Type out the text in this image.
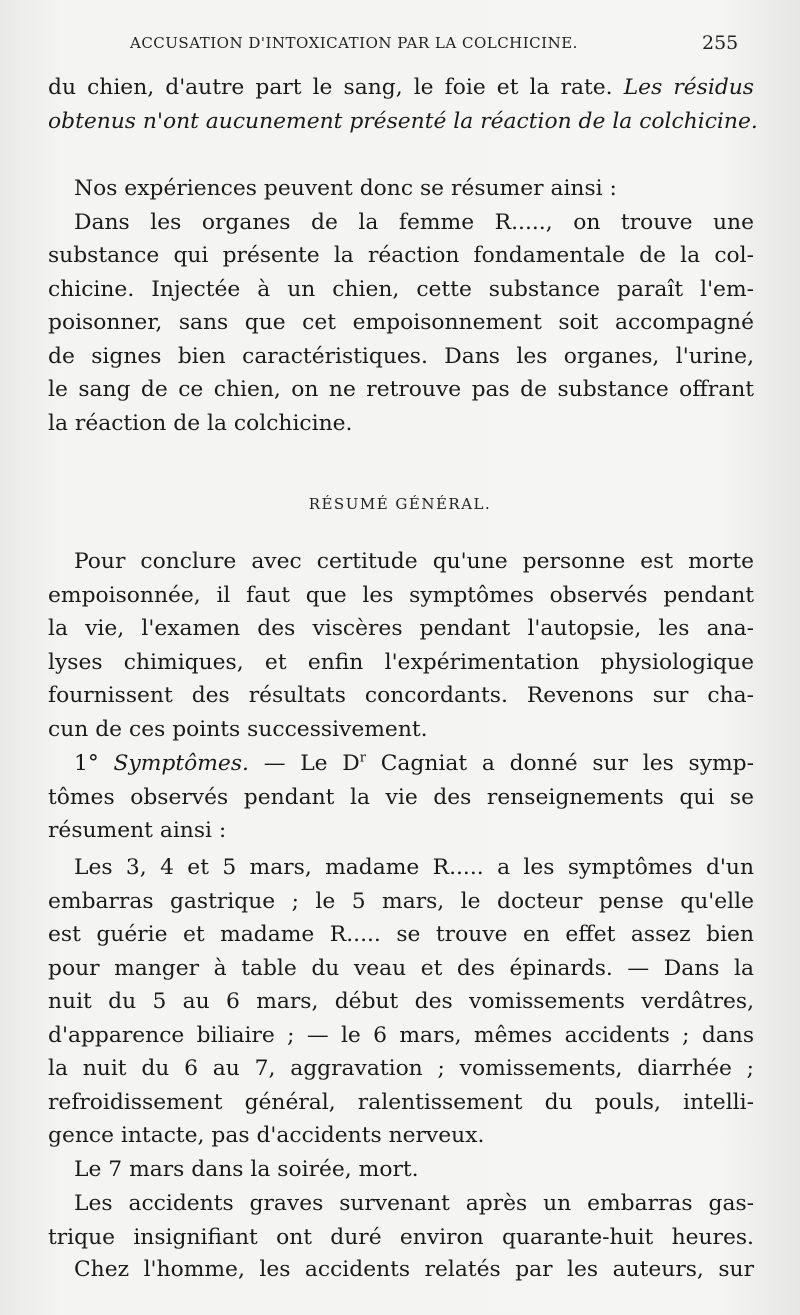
ACCUSATION D'INTOXICATION PAR LA COLCHICINE.	255
du chien, d'autre part le sang, le foie et la rate. Les résidus
obtenus n'ont aucunement présenté la réaction de la colchicine.
Nos expériences peuvent donc se résumer ainsi :
Dans les organes de la femme R....., on trouve une
substance qui présente la réaction fondamentale de la col-
chicine. Injectée à un chien, cette substance paraît l'em-
poisonner, sans que cet empoisonnement soit accompagné
de signes bien caractéristiques. Dans les organes, l'urine,
le sang de ce chien, on ne retrouve pas de substance offrant
la réaction de la colchicine.
RÉSUMÉ GÉNÉRAL.
Pour conclure avec certitude qu'une personne est morte
empoisonnée, il faut que les symptômes observés pendant
la vie, l'examen des viscères pendant l'autopsie, les ana-
lyses chimiques, et enfin l'expérimentation physiologique
fournissent des résultats concordants. Revenons sur cha-
cun de ces points successivement.
1° Symptômes. — Le $D^r$ Cagniat a donné sur les symp-
tômes observés pendant la vie des renseignements qui se
résument ainsi :
Les 3, 4 et 5 mars, madame R..... a les symptômes d'un
embarras gastrique ; le 5 mars, le docteur pense qu'elle
est guérie et madame R..... se trouve en effet assez bien
pour manger à table du veau et des épinards. — Dans la
nuit du 5 au 6 mars, début des vomissements verdâtres,
d'apparence biliaire ; — le 6 mars, mêmes accidents ; dans
la nuit du 6 au 7, aggravation ; vomissements, diarrhée ;
refroidissement général, ralentissement du pouls, intelli-
gence intacte, pas d'accidents nerveux.
Le 7 mars dans la soirée, mort.
Les accidents graves survenant après un embarras gas-
trique insignifiant ont duré environ quarante-huit heures.
Chez l'homme, les accidents relatés par les auteurs, sur
